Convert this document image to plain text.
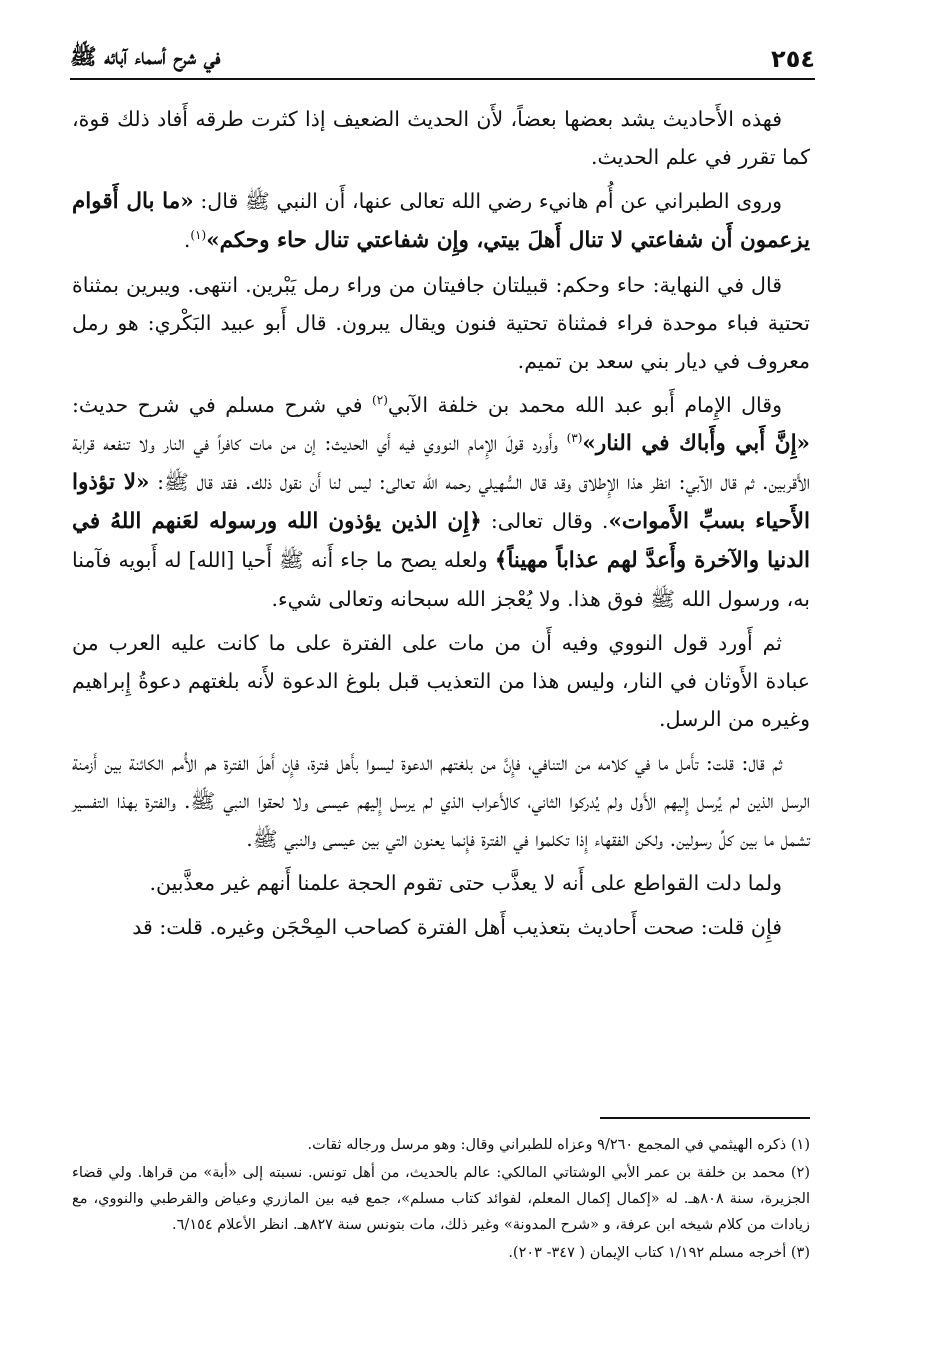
٢٥٤
في شرح أسماء آبائه ﷺ

فهذه الأَحاديث يشد بعضها بعضاً، لأَن الحديث الضعيف إذا كثرت طرقه أَفاد ذلك قوة، كما تقرر في علم الحديث.

وروى الطبراني عن أُم هانيء رضي الله تعالى عنها، أَن النبي ﷺ قال: «ما بال أَقوام يزعمون أَن شفاعتي لا تنال أَهلَ بيتي، وإِن شفاعتي تنال حاء وحكم»$^{(١)}$.

قال في النهاية: حاء وحكم: قبيلتان جافيتان من وراء رمل يَبْرين. انتهى. ويبرين بمثناة تحتية فباء موحدة فراء فمثناة تحتية فنون ويقال يبرون. قال أَبو عبيد البَكْري: هو رمل معروف في ديار بني سعد بن تميم.

وقال الإِمام أَبو عبد الله محمد بن خلفة الآبي$^{(٢)}$ في شرح مسلم في شرح حديث: «إِنَّ أَبي وأَباك في النار»$^{(٣)}$ وأَورد قولَ الإِمام النووي فيه أَي الحديث: إن من مات كافراً في النار ولا تنفعه قرابة الأَقربين. ثم قال الآبي: انظر هذا الإِطلاق وقد قال السُّهيلي رحمه الله تعالى: ليس لنا أَن نقول ذلك. فقد قال ﷺ: «لا تؤذوا الأَحياء بسبِّ الأَموات». وقال تعالى: ﴿إِن الذين يؤذون الله ورسوله لعَنهم اللهُ في الدنيا والآخرة وأَعدَّ لهم عذاباً مهيناً﴾ ولعله يصح ما جاء أَنه ﷺ أَحيا [الله] له أَبويه فآمنا به، ورسول الله ﷺ فوق هذا. ولا يُعْجز الله سبحانه وتعالى شيء.

ثم أَورد قول النووي وفيه أَن من مات على الفترة على ما كانت عليه العرب من عبادة الأَوثان في النار، وليس هذا من التعذيب قبل بلوغ الدعوة لأَنه بلغتهم دعوةُ إِبراهيم وغيره من الرسل.

ثم قال: قلت: تأَمل ما في كلامه من التنافي، فإِنَّ من بلغتهم الدعوة ليسوا بأَهل فترة، فإِن أَهلَ الفترة هم الأُمم الكائنة بين أَزمنة الرسل الذين لم يُرسل إِليهم الأَول ولم يُدركوا الثاني، كالأَعراب الذي لم يرسل إِليهم عيسى ولا لحقوا النبي ﷺ. والفترة بهذا التفسير تشمل ما بين كلِّ رسولين. ولكن الفقهاء إِذا تكلموا في الفترة فإِنما يعنون التي بين عيسى والنبي ﷺ.

ولما دلت القواطع على أَنه لا يعذَّب حتى تقوم الحجة علمنا أَنهم غير معذَّبين.

فإِن قلت: صحت أَحاديث بتعذيب أَهل الفترة كصاحب المِحْجَن وغيره. قلت: قد

(١) ذكره الهيثمي في المجمع ٩/٢٦٠ وعزاه للطبراني وقال: وهو مرسل ورجاله ثقات.

(٢) محمد بن خلفة بن عمر الأبي الوشتاتي المالكي: عالم بالحديث، من أهل تونس. نسبته إلى «أبة» من قراها. ولي قضاء الجزيرة، سنة ٨٠٨هـ. له «إكمال إكمال المعلم، لفوائد كتاب مسلم»، جمع فيه بين المازري وعياض والقرطبي والنووي، مع زيادات من كلام شيخه ابن عرفة، و «شرح المدونة» وغير ذلك، مات بتونس سنة ٨٢٧هـ. انظر الأعلام ٦/١٥٤.

(٣) أخرجه مسلم ١/١٩٢ كتاب الإيمان ( ٣٤٧- ٢٠٣).
